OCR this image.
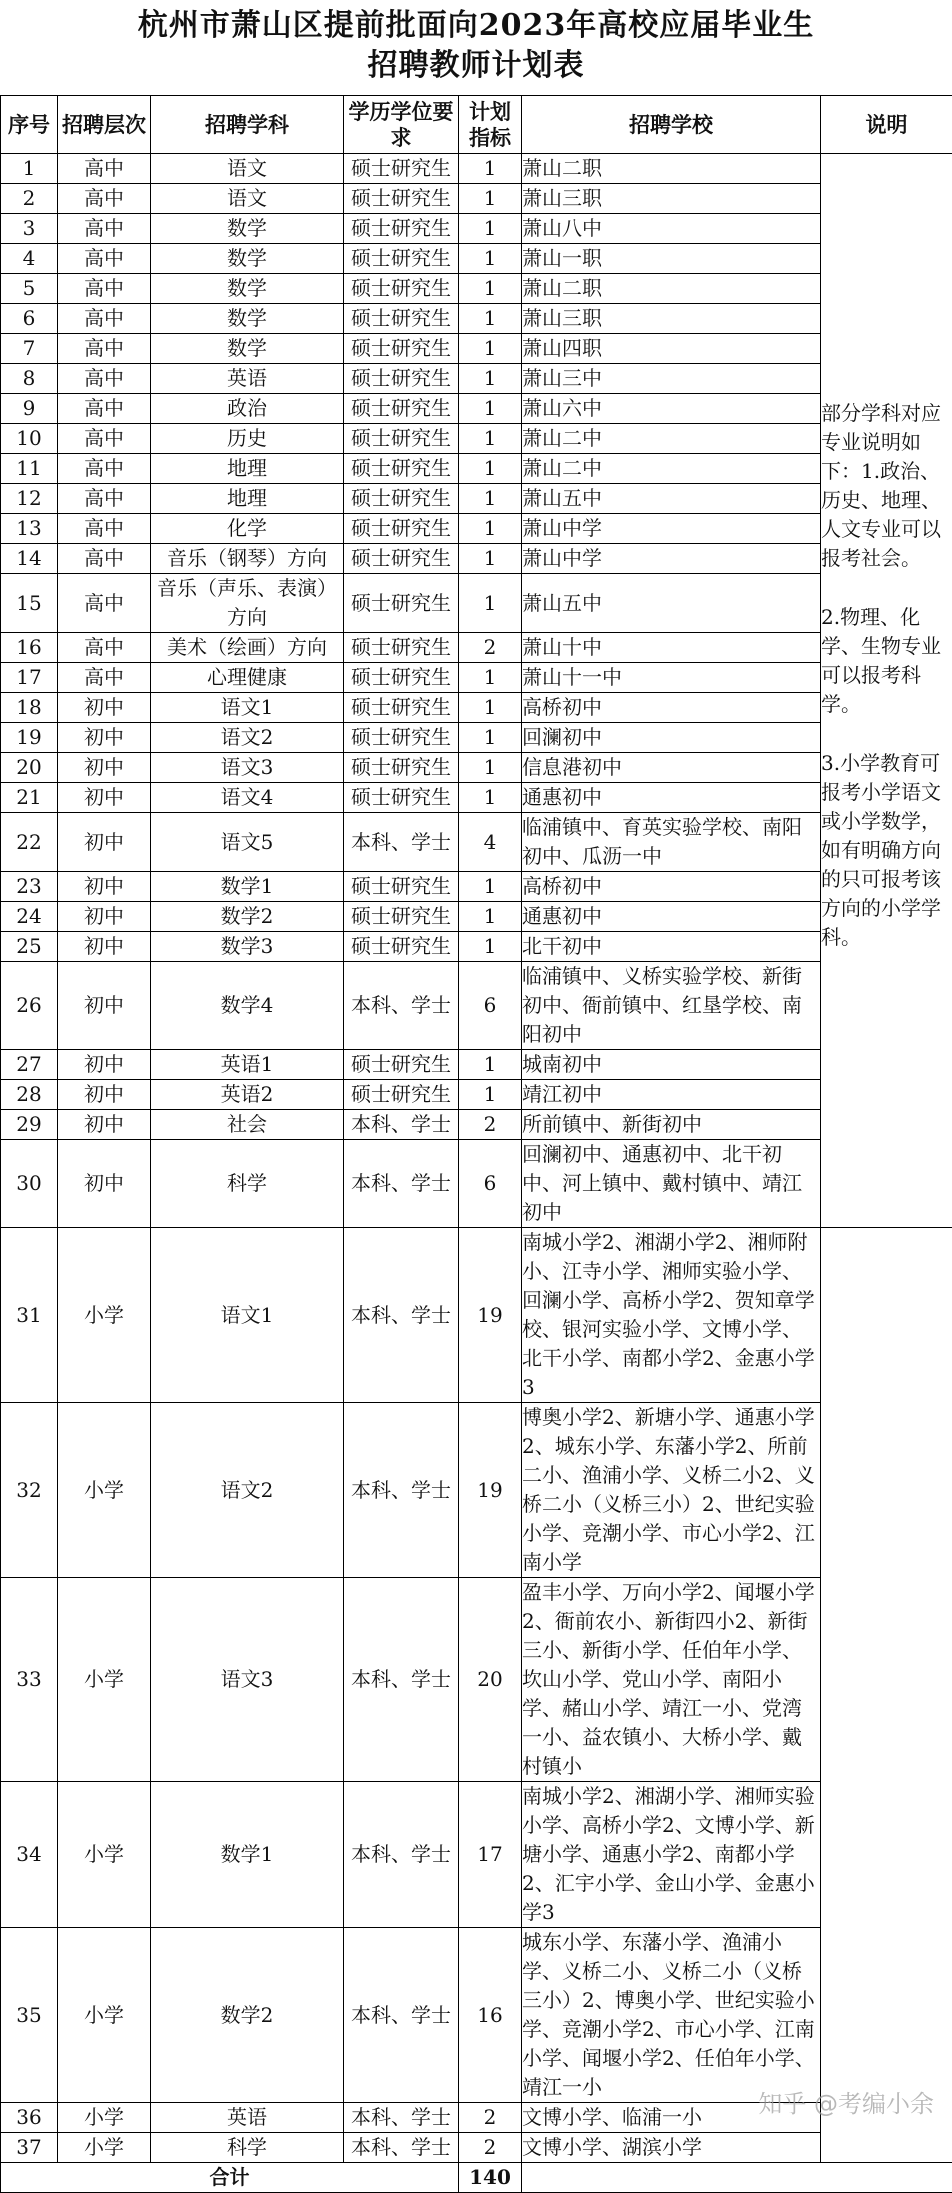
杭州市萧山区提前批面向2023年高校应届毕业生
招聘教师计划表
序号	招聘层次	招聘学科	学历学位要求	计划指标	招聘学校	说明
1	高中	语文	硕士研究生	1	萧山二职	部分学科对应专业说明如下：1.政治、历史、地理、人文专业可以报考社会。

2.物理、化学、生物专业可以报考科学。

3.小学教育可报考小学语文或小学数学，如有明确方向的只可报考该方向的小学学科。

2	高中	语文	硕士研究生	1	萧山三职	
3	高中	数学	硕士研究生	1	萧山八中	
4	高中	数学	硕士研究生	1	萧山一职	
5	高中	数学	硕士研究生	1	萧山二职	
6	高中	数学	硕士研究生	1	萧山三职	
7	高中	数学	硕士研究生	1	萧山四职	
8	高中	英语	硕士研究生	1	萧山三中	
9	高中	政治	硕士研究生	1	萧山六中	
10	高中	历史	硕士研究生	1	萧山二中	
11	高中	地理	硕士研究生	1	萧山二中	
12	高中	地理	硕士研究生	1	萧山五中	
13	高中	化学	硕士研究生	1	萧山中学	
14	高中	音乐（钢琴）方向	硕士研究生	1	萧山中学	
15	高中	音乐（声乐、表演）方向	硕士研究生	1	萧山五中	
16	高中	美术（绘画）方向	硕士研究生	2	萧山十中	
17	高中	心理健康	硕士研究生	1	萧山十一中	
18	初中	语文1	硕士研究生	1	高桥初中	
19	初中	语文2	硕士研究生	1	回澜初中	
20	初中	语文3	硕士研究生	1	信息港初中	
21	初中	语文4	硕士研究生	1	通惠初中	
22	初中	语文5	本科、学士	4	临浦镇中、育英实验学校、南阳初中、瓜沥一中	
23	初中	数学1	硕士研究生	1	高桥初中	
24	初中	数学2	硕士研究生	1	通惠初中	
25	初中	数学3	硕士研究生	1	北干初中	
26	初中	数学4	本科、学士	6	临浦镇中、义桥实验学校、新街初中、衙前镇中、红垦学校、南阳初中	
27	初中	英语1	硕士研究生	1	城南初中	
28	初中	英语2	硕士研究生	1	靖江初中	
29	初中	社会	本科、学士	2	所前镇中、新街初中	
30	初中	科学	本科、学士	6	回澜初中、通惠初中、北干初中、河上镇中、戴村镇中、靖江初中	
31	小学	语文1	本科、学士	19	南城小学2、湘湖小学2、湘师附小、江寺小学、湘师实验小学、回澜小学、高桥小学2、贺知章学校、银河实验小学、文博小学、北干小学、南都小学2、金惠小学3	
32	小学	语文2	本科、学士	19	博奥小学2、新塘小学、通惠小学2、城东小学、东藩小学2、所前二小、渔浦小学、义桥二小2、义桥二小（义桥三小）2、世纪实验小学、竞潮小学、市心小学2、江南小学	
33	小学	语文3	本科、学士	20	盈丰小学、万向小学2、闻堰小学2、衙前农小、新街四小2、新街三小、新街小学、任伯年小学、坎山小学、党山小学、南阳小学、赭山小学、靖江一小、党湾一小、益农镇小、大桥小学、戴村镇小	
34	小学	数学1	本科、学士	17	南城小学2、湘湖小学、湘师实验小学、高桥小学2、文博小学、新塘小学、通惠小学2、南都小学2、汇宇小学、金山小学、金惠小学3	
35	小学	数学2	本科、学士	16	城东小学、东藩小学、渔浦小学、义桥二小、义桥二小（义桥三小）2、博奥小学、世纪实验小学、竞潮小学2、市心小学、江南小学、闻堰小学2、任伯年小学、靖江一小	
36	小学	英语	本科、学士	2	文博小学、临浦一小	
37	小学	科学	本科、学士	2	文博小学、湖滨小学	
合计				140		
知乎 @考编小余
